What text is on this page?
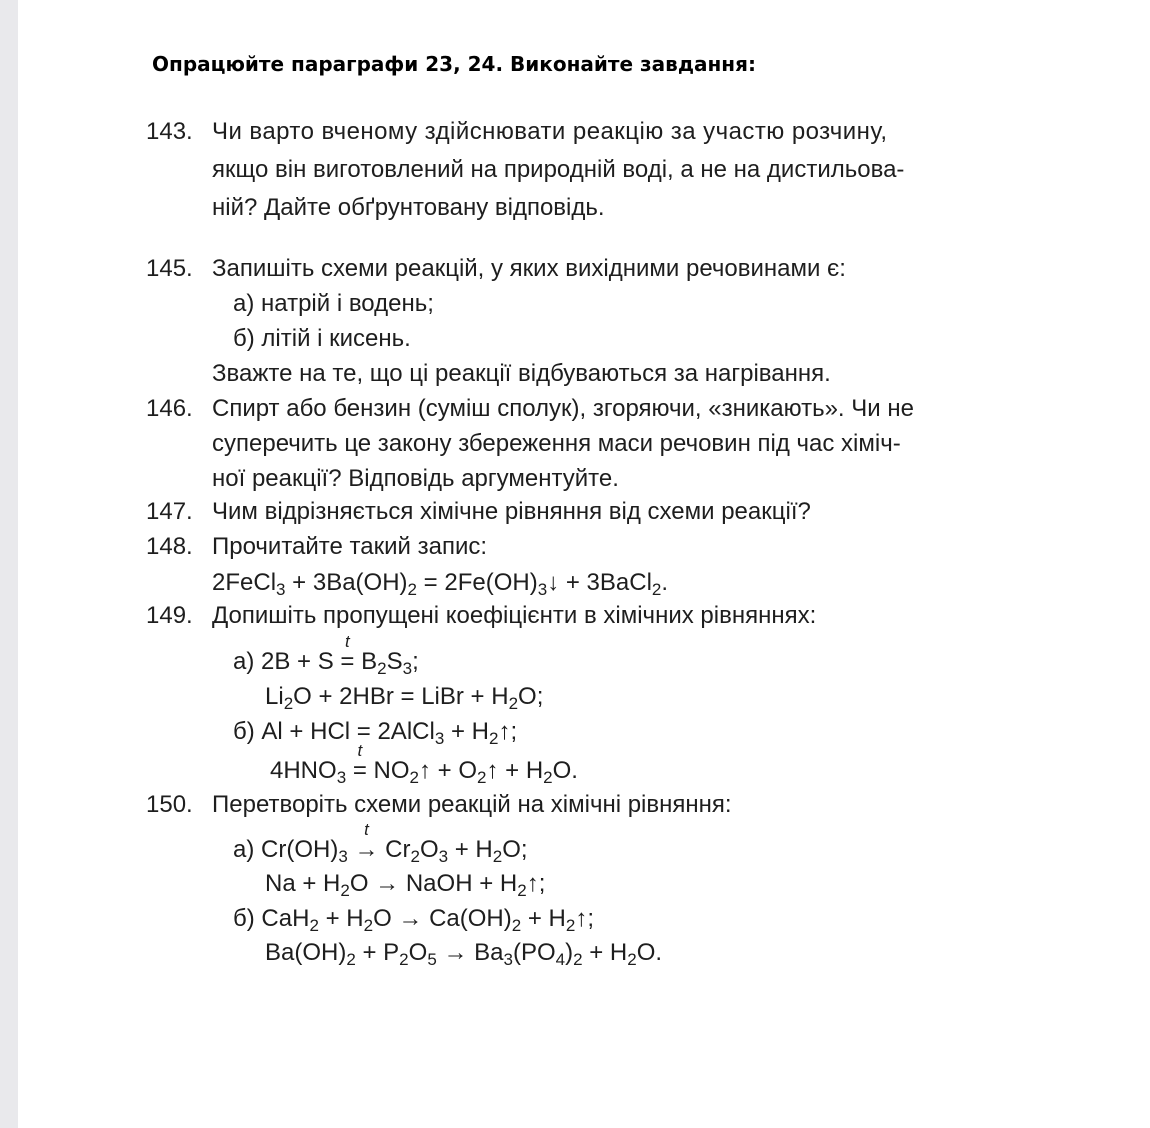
Опрацюйте параграфи 23, 24. Виконайте завдання:
143. Чи варто вченому здійснювати реакцію за участю розчину,
якщо він виготовлений на природній воді, а не на дистильова-
ній? Дайте обґрунтовану відповідь.
145. Запишіть схеми реакцій, у яких вихідними речовинами є:
а) натрій і водень;
б) літій і кисень.
Зважте на те, що ці реакції відбуваються за нагрівання.
146. Спирт або бензин (суміш сполук), згоряючи, «зникають». Чи не
суперечить це закону збереження маси речовин під час хіміч-
ної реакції? Відповідь аргументуйте.
147. Чим відрізняється хімічне рівняння від схеми реакції?
148. Прочитайте такий запис:
2FeCl$_3$ + $3Ba(OH)_2$ = $2Fe(OH)_3↓$ + 3BaCl$_2$.
149. Допишіть пропущені коефіцієнти в хімічних рівняннях:
а) 2B + S =
t
$B_2S_3$;
$Li_2O + 2HBr$ = LiBr + $H_2O$;
б) Al + HCl = 2AlCl$_3$ + $H_2↑$;
$4HNO_3$ =
t
$NO_2↑$ + $O_2↑ + H_2O$.
150. Перетворіть схеми реакцій на хімічні рівняння:
а) $Cr(OH)_3$ →
t
$Cr_2O_3 + H_2O$;
$Na + H_2O$ → NaOH + $H_2↑$;
б) $CaH_2 + H_2O \to Ca(OH)_2$ + $H_2↑$;
$Ba(OH)_2 + P_2O_5 \to Ba_3(PO_4)_2 + H_2O$.
